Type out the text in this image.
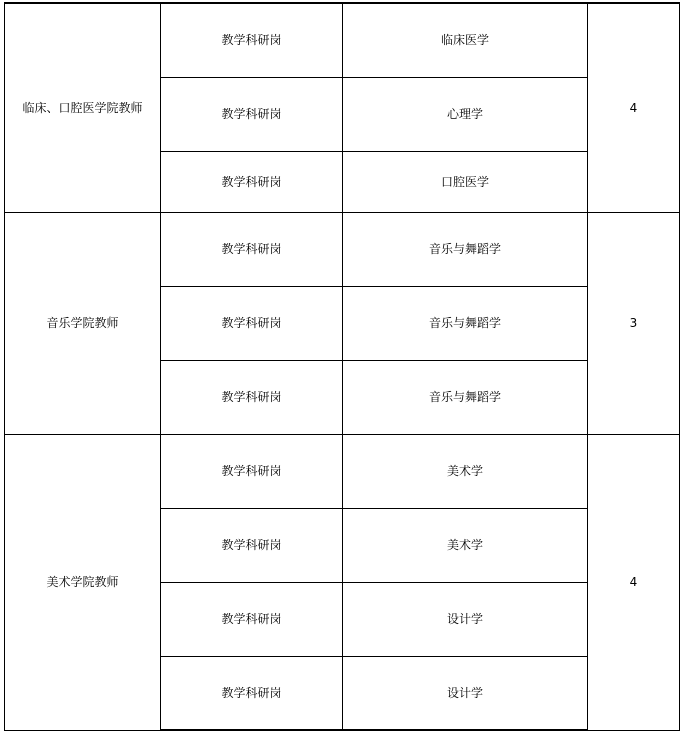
临床、口腔医学院教师	教学科研岗	临床医学	4
	教学科研岗	心理学	
	教学科研岗	口腔医学	
音乐学院教师	教学科研岗	音乐与舞蹈学	3
	教学科研岗	音乐与舞蹈学	
	教学科研岗	音乐与舞蹈学	
美术学院教师	教学科研岗	美术学	4
	教学科研岗	美术学	
	教学科研岗	设计学	
	教学科研岗	设计学	
